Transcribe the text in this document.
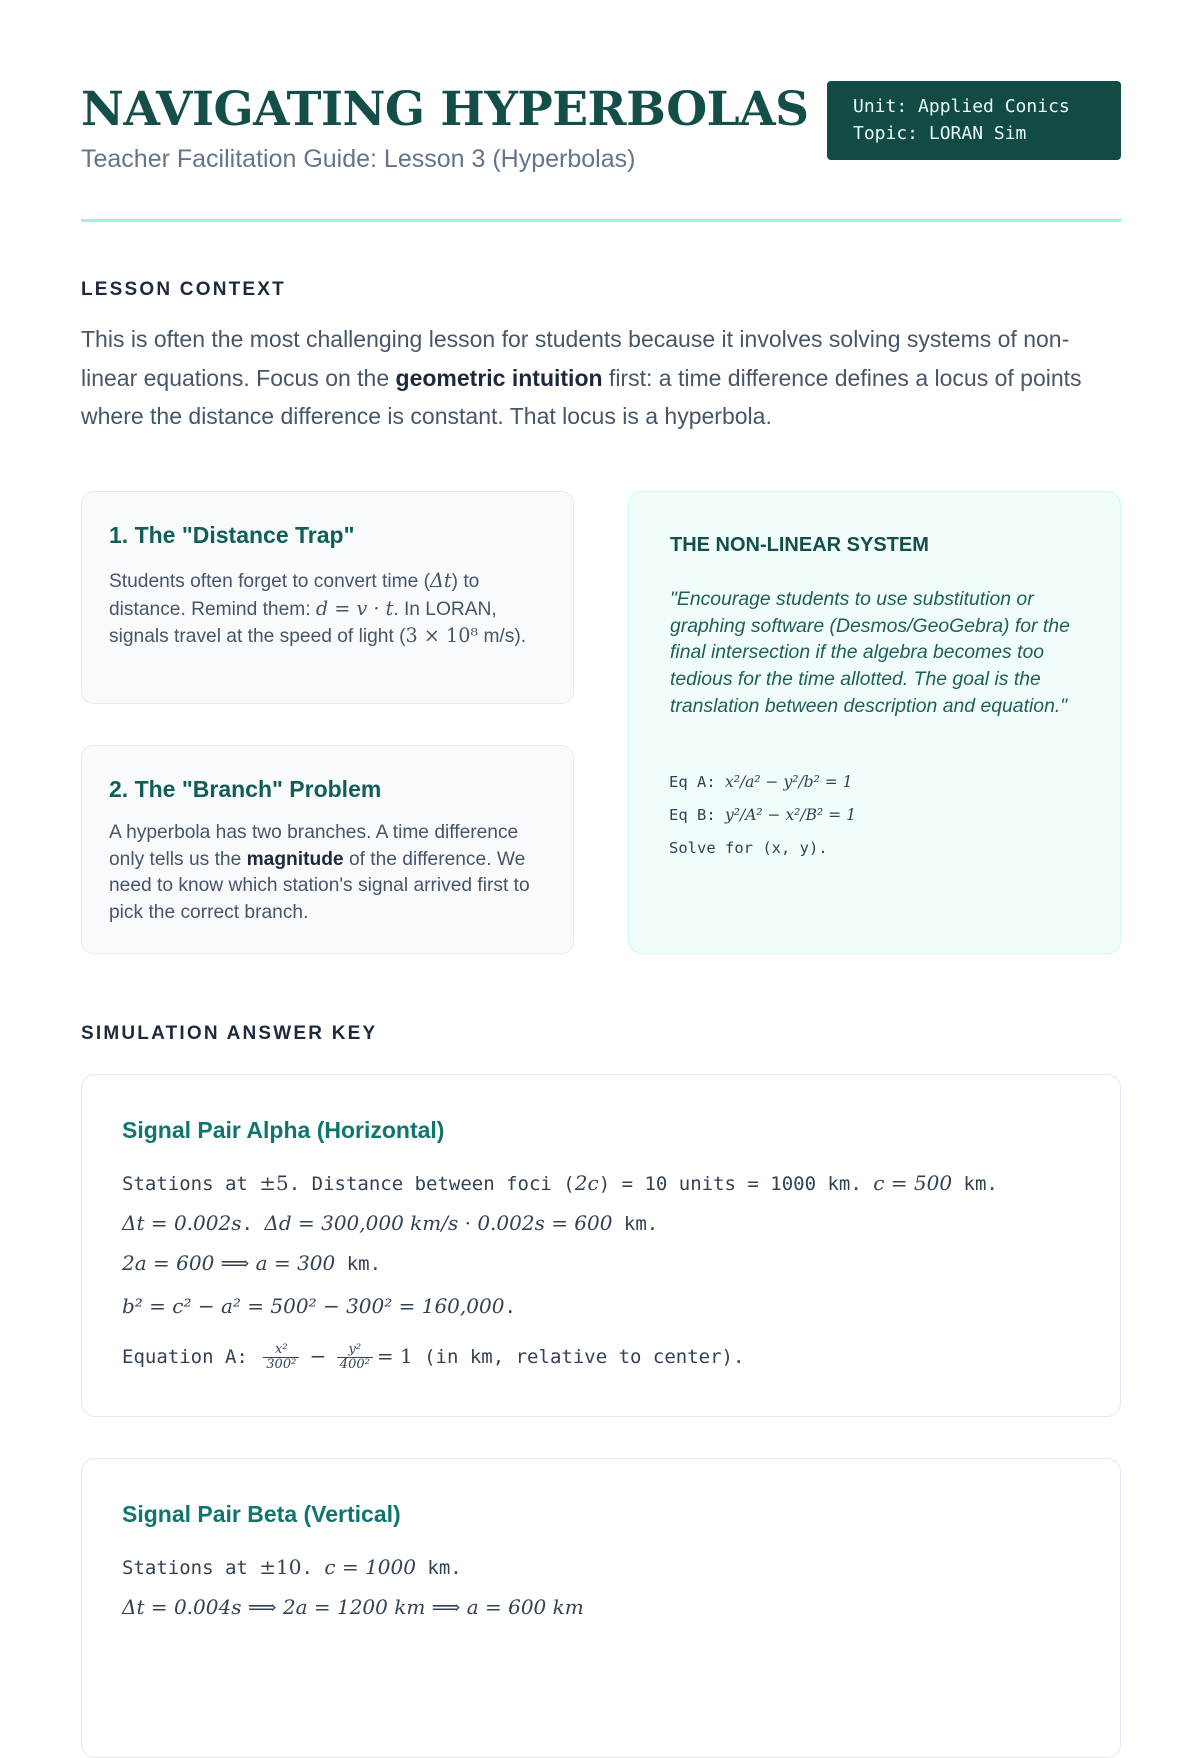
NAVIGATING HYPERBOLAS
Teacher Facilitation Guide: Lesson 3 (Hyperbolas)
Unit: Applied Conics
Topic: LORAN Sim
LESSON CONTEXT

This is often the most challenging lesson for students because it involves solving systems of non-linear equations. Focus on the geometric intuition first: a time difference defines a locus of points where the distance difference is constant. That locus is a hyperbola.

1. The "Distance Trap"

Students often forget to convert time (Δt) to distance. Remind them: d = v · t. In LORAN, signals travel at the speed of light (3 × 10⁸ m/s).

2. The "Branch" Problem

A hyperbola has two branches. A time difference only tells us the magnitude of the difference. We need to know which station's signal arrived first to pick the correct branch.

THE NON-LINEAR SYSTEM

"Encourage students to use substitution or graphing software (Desmos/GeoGebra) for the final intersection if the algebra becomes too tedious for the time allotted. The goal is the translation between description and equation."

Eq A: x²/a² − y²/b² = 1
Eq B: y²/A² − x²/B² = 1
Solve for (x, y).
SIMULATION ANSWER KEY
Signal Pair Alpha (Horizontal)
Stations at ±5. Distance between foci (2c) = 10 units = 1000 km. c = 500 km.
Δt = 0.002s. Δd = 300,000 km/s · 0.002s = 600 km.
2a = 600 ⟹ a = 300 km.
b² = c² − a² = 500² − 300² = 160,000.
Equation A: $\frac{\text{x²}}{\text{300²}} - \frac{\text{y²}}{\text{400²}} = 1$ (in km, relative to center).
Signal Pair Beta (Vertical)
Stations at ±10. c = 1000 km.
Δt = 0.004s ⟹ 2a = 1200 km ⟹ a = 600 km
